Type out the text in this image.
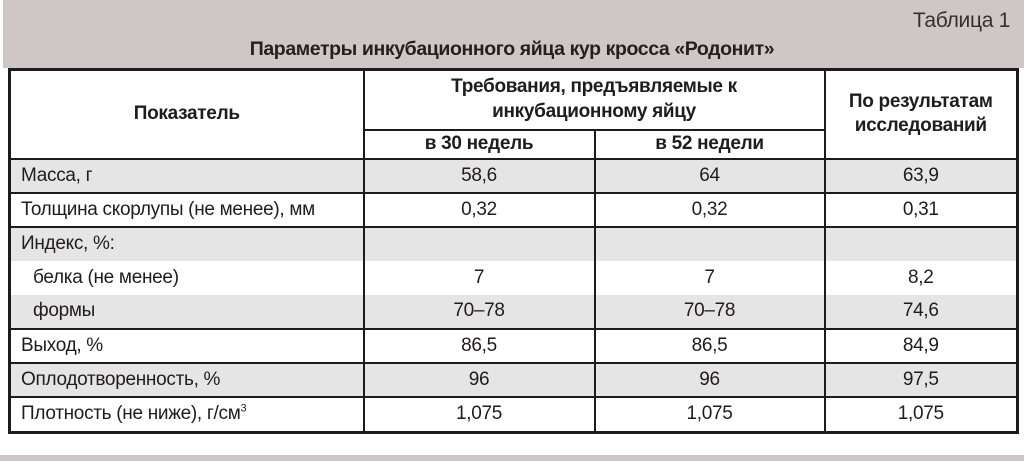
Таблица 1
Параметры инкубационного яйца кур кросса «Родонит»
Показатель	Требования, предъявляемые к инкубационному яйцу		По результатам исследований
	в 30 недель	в 52 недели	
Масса, г	58,6	64	63,9
Толщина скорлупы (не менее), мм	0,32	0,32	0,31
Индекс, %:			
белка (не менее)	7	7	8,2
формы	70–78	70–78	74,6
Выход, %	86,5	86,5	84,9
Оплодотворенность, %	96	96	97,5
Плотность (не ниже), $г/см^3$	1,075	1,075	1,075
